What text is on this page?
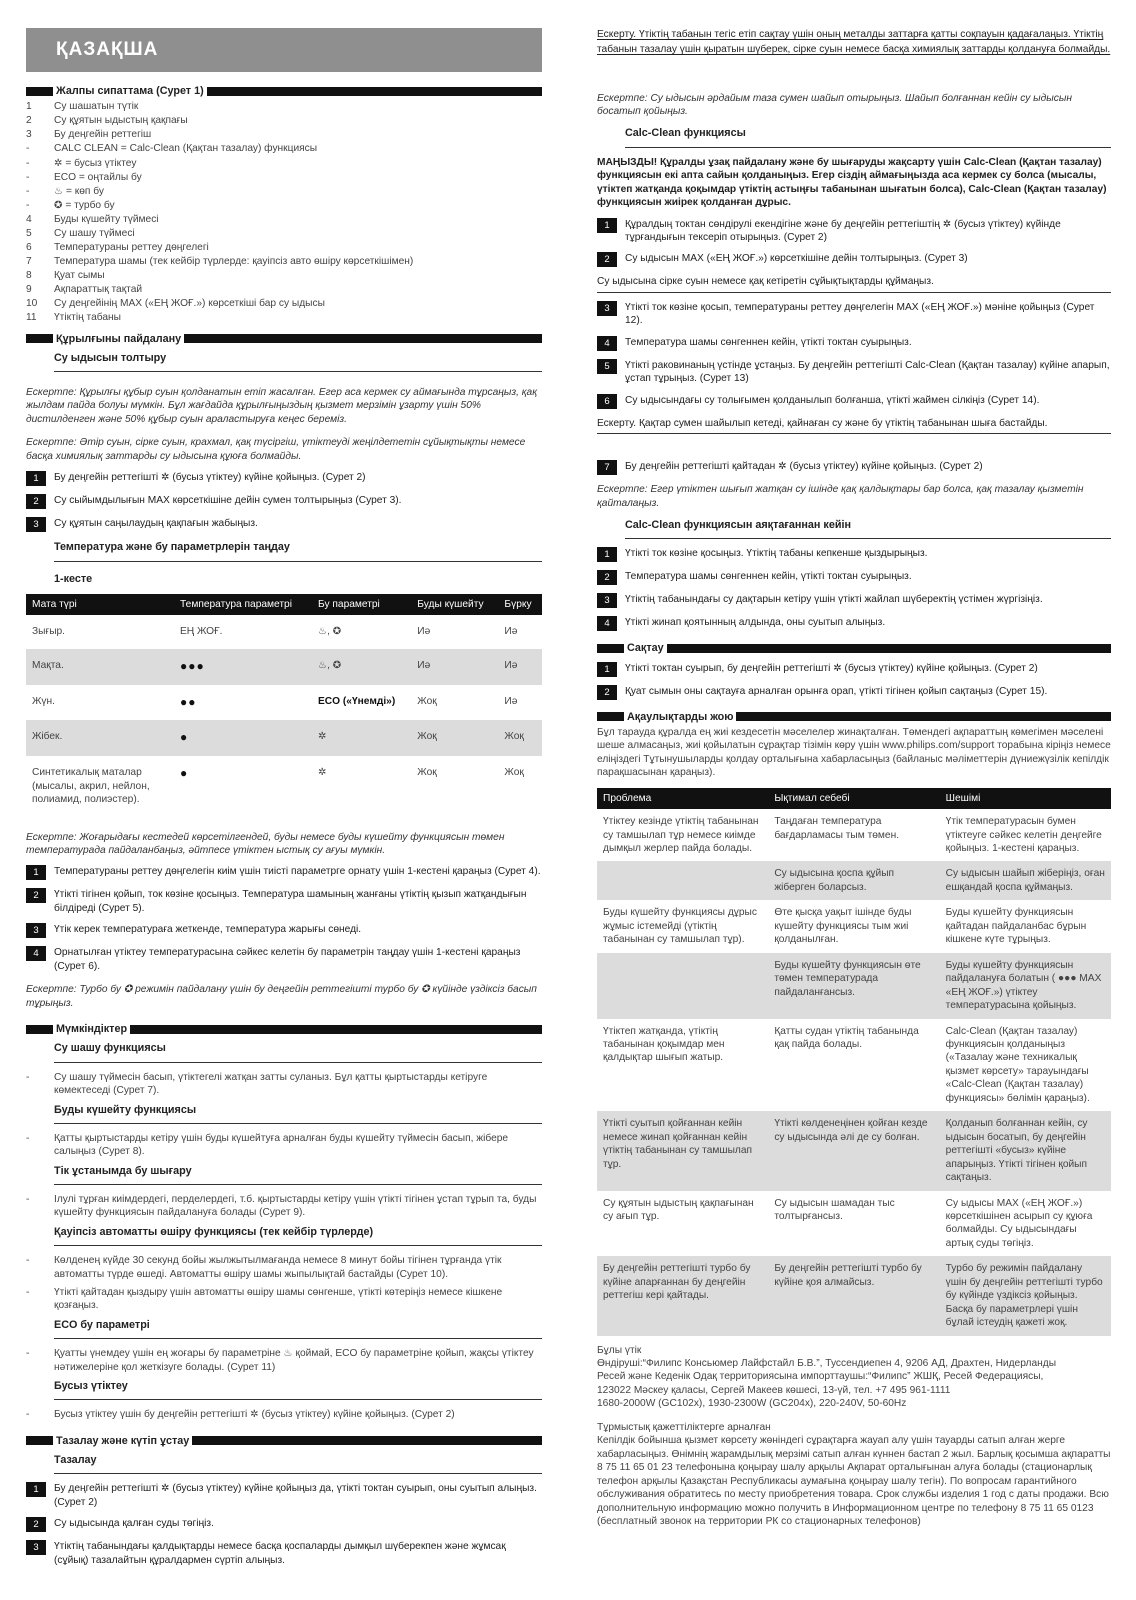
ҚАЗАҚША
Жалпы сипаттама (Сурет 1)
1	Су шашатын түтік
2	Су құятын ыдыстың қақпағы
3	Бу деңгейін реттегіш
-	CALC CLEAN = Calc-Clean (Қақтан тазалау) функциясы
-	✲ = бусыз үтіктеу
-	ECO = оңтайлы бу
-	♨ = көп бу
-	✪ = турбо бу
4	Буды күшейту түймесі
5	Су шашу түймесі
6	Температураны реттеу дөңгелегі
7	Температура шамы (тек кейбір түрлерде: қауіпсіз авто өшіру көрсеткішімен)
8	Қуат сымы
9	Ақпараттық тақтай
10	Су деңгейінің MAX («ЕҢ ЖОҒ.») көрсеткіші бар су ыдысы
11	Үтіктің табаны
Құрылғыны пайдалану
Су ыдысын толтыру
Ескертпе: Құрылғы құбыр суын қолданатын етіп жасалған. Егер аса кермек су аймағында тұрсаңыз, қақ жылдам пайда болуы мүмкін. Бұл жағдайда құрылғыңыздың қызмет мерзімін ұзарту үшін 50% дистилденген және 50% құбыр суын араластыруға кеңес береміз.
Ескертпе: Әтір суын, сірке суын, крахмал, қақ түсіргіш, үтіктеуді жеңілдететін сұйықтықты немесе басқа химиялық заттарды су ыдысына құюға болмайды.
1	Бу деңгейін реттегішті ✲ (бусыз үтіктеу) күйіне қойыңыз. (Сурет 2)
2	Су сыйымдылығын MAX көрсеткішіне дейін сумен толтырыңыз (Сурет 3).
3	Су құятын саңылаудың қақпағын жабыңыз.
Температура және бу параметрлерін таңдау
1-кесте
Мата түрі	Температура параметрі	Бу параметрі	Буды күшейту	Бүрку
Зығыр.	ЕҢ ЖОҒ.	♨, ✪	Иә	Иә
Мақта.	●●●	♨, ✪	Иә	Иә
Жүн.	●●	ECO («Үнемді»)	Жоқ	Иә
Жібек.	●	✲	Жоқ	Жоқ
Синтетикалық маталар (мысалы, акрил, нейлон, полиамид, полиэстер).	●	✲	Жоқ	Жоқ
Ескертпе: Жоғарыдағы кестедей көрсетілгендей, буды немесе буды күшейту функциясын төмен температурада пайдаланбаңыз, әйтпесе үтіктен ыстық су ағуы мүмкін.
1	Температураны реттеу дөңгелегін киім үшін тиісті параметрге орнату үшін 1-кестені қараңыз (Сурет 4).
2	Үтікті тігінен қойып, ток көзіне қосыңыз. Температура шамының жанғаны үтіктің қызып жатқандығын білдіреді (Сурет 5).
3	Үтік керек температураға жеткенде, температура жарығы сөнеді.
4	Орнатылған үтіктеу температурасына сәйкес келетін бу параметрін таңдау үшін 1-кестені қараңыз (Сурет 6).
Ескертпе: Турбо бу ✪ режимін пайдалану үшін бу деңгейін реттегішті турбо бу ✪ күйінде үздіксіз басып тұрыңыз.
Мүмкіндіктер
Су шашу функциясы
-	Су шашу түймесін басып, үтіктегелі жатқан затты суланыз. Бұл қатты қыртыстарды кетіруге көмектеседі (Сурет 7).
Буды күшейту функциясы
-	Қатты қыртыстарды кетіру үшін буды күшейтуға арналған буды күшейту түймесін басып, жіберe салыңыз (Сурет 8).
Тік ұстанымда бу шығару
-	Ілулі тұрған киімдердегі, перделердегі, т.б. қыртыстарды кетіру үшін үтікті тігінен ұстап тұрып та, буды күшейту функциясын пайдалануға болады (Сурет 9).
Қауіпсіз автоматты өшіру функциясы (тек кейбір түрлерде)
-	Көлденең күйде 30 секунд бойы жылжытылмағанда немесе 8 минут бойы тігінен тұрғанда үтік автоматты түрде өшеді. Автоматты өшіру шамы жыпылықтай бастайды (Сурет 10).
-	Үтікті қайтадан қыздыру үшін автоматты өшіру шамы сөнгенше, үтікті көтеріңіз немесе кішкене қозғаңыз.
ECO бу параметрі
-	Қуатты үнемдеу үшін ең жоғары бу параметріне ♨ қоймай, ECO бу параметріне қойып, жақсы үтіктеу нәтижелеріне қол жеткізуге болады. (Сурет 11)
Бусыз үтіктеу
-	Бусыз үтіктеу үшін бу деңгейін реттегішті ✲ (бусыз үтіктеу) күйіне қойыңыз. (Сурет 2)
Тазалау және күтіп ұстау
Тазалау
1	Бу деңгейін реттегішті ✲ (бусыз үтіктеу) күйіне қойыңыз да, үтікті токтан суырып, оны суытып алыңыз. (Сурет 2)
2	Су ыдысында қалған суды төгіңіз.
3	Үтіктің табанындағы қалдықтарды немесе басқа қоспаларды дымқыл шүберекпен және жұмсақ (сұйық) тазалайтын құралдармен сүртіп алыңыз.
Ескерту. Үтіктің табанын тегіс етіп сақтау үшін оның металды заттарға қатты соқпауын қадағалаңыз. Үтіктің табанын тазалау үшін қыратын шүберек, сірке суын немесе басқа химиялық заттарды қолдануға болмайды.
Ескертпе: Су ыдысын әрдайым таза сумен шайып отырыңыз. Шайып болғаннан кейін су ыдысын босатып қойыңыз.
Calc-Clean функциясы
МАҢЫЗДЫ! Құралды ұзақ пайдалану және бу шығаруды жақсарту үшін Calc-Clean (Қақтан тазалау) функциясын екі апта сайын қолданыңыз. Егер сіздің аймағыңызда аса кермек су болса (мысалы, үтіктеп жатқанда қоқымдар үтіктің астыңғы табанынан шығатын болса), Calc-Clean (Қақтан тазалау) функциясын жиірек қолданған дұрыс.
1	Құралдың токтан сөндірулі екендігіне және бу деңгейін реттегіштің ✲ (бусыз үтіктеу) күйінде тұрғандығын тексеріп отырыңыз. (Сурет 2)
2	Су ыдысын MAX («ЕҢ ЖОҒ.») көрсеткішіне дейін толтырыңыз. (Сурет 3)
Су ыдысына сірке суын немесе қақ кетіретін сұйықтықтарды құймаңыз.
3	Үтікті ток көзіне қосып, температураны реттеу дөңгелегін MAX («ЕҢ ЖОҒ.») мәніне қойыңыз (Сурет 12).
4	Температура шамы сөнгеннен кейін, үтікті токтан суырыңыз.
5	Үтікті раковинаның үстінде ұстаңыз. Бу деңгейін реттегішті Calc-Clean (Қақтан тазалау) күйіне апарып, ұстап тұрыңыз. (Сурет 13)
6	Су ыдысындағы су толығымен қолданылып болғанша, үтікті жаймен сілкіңіз (Сурет 14).
Ескерту. Қақтар сумен шайылып кетеді, қайнаған су және бу үтіктің табанынан шыға бастайды.
7	Бу деңгейін реттегішті қайтадан ✲ (бусыз үтіктеу) күйіне қойыңыз. (Сурет 2)
Ескертпе: Егер үтіктен шығып жатқан су ішінде қақ қалдықтары бар болса, қақ тазалау қызметін қайталаңыз.
Calc-Clean функциясын аяқтағаннан кейін
1	Үтікті ток көзіне қосыңыз. Үтіктің табаны кепкенше қыздырыңыз.
2	Температура шамы сөнгеннен кейін, үтікті токтан суырыңыз.
3	Үтіктің табанындағы су дақтарын кетіру үшін үтікті жайлап шүберектің үстімен жүргізіңіз.
4	Үтікті жинап қоятынның алдында, оны суытып алыңыз.
Сақтау
1	Үтікті токтан суырып, бу деңгейін реттегішті ✲ (бусыз үтіктеу) күйіне қойыңыз. (Сурет 2)
2	Қуат сымын оны сақтауға арналған орынға орап, үтікті тігінен қойып сақтаңыз (Сурет 15).
Ақаулықтарды жою
Бұл тарауда құралда ең жиі кездесетін мәселелер жинақталған. Төмендегі ақпараттың көмегімен мәселені шеше алмасаңыз, жиі қойылатын сұрақтар тізімін көру үшін www.philips.com/support торабына кіріңіз немесе еліңіздегі Тұтынушыларды қолдау орталығына хабарласыңыз (байланыс мәліметтерін дүниежүзілік кепілдік парақшасынан қараңыз).
Проблема	Ықтимал себебі	Шешімі
Үтіктеу кезінде үтіктің табанынан су тамшылап тұр немесе киімде дымқыл жерлер пайда болады.	Таңдаған температура бағдарламасы тым төмен.	Үтік температурасын бумен үтіктеуге сәйкес келетін деңгейге қойыңыз. 1-кестені қараңыз.
	Су ыдысына қоспа құйып жіберген боларсыз.	Су ыдысын шайып жіберіңіз, оған ешқандай қоспа құймаңыз.
Буды күшейту функциясы дұрыс жұмыс істемейді (үтіктің табанынан су тамшылап тұр).	Өте қысқа уақыт ішінде буды күшейту функциясы тым жиі қолданылған.	Буды күшейту функциясын қайтадан пайдаланбас бұрын кішкене күте тұрыңыз.
	Буды күшейту функциясын өте төмен температурада пайдаланғансыз.	Буды күшейту функциясын пайдалануға болатын ( ●●● MAX «ЕҢ ЖОҒ.») үтіктеу температурасына қойыңыз.
Үтіктеп жатқанда, үтіктің табанынан қоқымдар мен қалдықтар шығып жатыр.	Қатты судан үтіктің табанында қақ пайда болады.	Calc-Clean (Қақтан тазалау) функциясын қолданыңыз («Тазалау және техникалық қызмет көрсету» тарауындағы «Calc-Clean (Қақтан тазалау) функциясы» бөлімін қараңыз).
Үтікті суытып қойғаннан кейін немесе жинап қойғаннан кейін үтіктің табанынан су тамшылап тұр.	Үтікті көлденеңінен қойған кезде су ыдысында әлі де су болған.	Қолданып болғаннан кейін, су ыдысын босатып, бу деңгейін реттегішті «бусыз» күйіне апарыңыз. Үтікті тігінен қойып сақтаңыз.
Су құятын ыдыстың қақпағынан су ағып тұр.	Су ыдысын шамадан тыс толтырғансыз.	Су ыдысы MAX («ЕҢ ЖОҒ.») көрсеткішінен асырып су құюға болмайды. Су ыдысындағы артық суды төгіңіз.
Бу деңгейін реттегішті турбо бу күйіне апарғаннан бу деңгейін реттегіш кері қайтады.	Бу деңгейін реттегішті турбо бу күйіне қоя алмайсыз.	Турбо бу режимін пайдалану үшін бу деңгейін реттегішті турбо бу күйінде үздіксіз қойыңыз. Басқа бу параметрлері үшін бұлай істеудің қажеті жоқ.

Бұлы үтік

Өндіруші:“Филипс Консьюмер Лайфстайл Б.В.”, Туссендиепен 4, 9206 АД, Драхтен, Нидерланды

Ресей және Кеденік Одақ территориясына импорттаушы:“Филипс” ЖШҚ, Ресей Федерациясы,

123022 Мәскеу қаласы, Сергей Макеев көшесі, 13-үй, тел. +7 495 961-1111

1680-2000W (GC102x), 1930-2300W (GC204x), 220-240V, 50-60Hz

Тұрмыстық қажеттіліктерге арналған

Кепілдік бойынша қызмет көрсету жөніндегі сұрақтарға жауап алу үшін тауарды сатып алған жерге хабарласыңыз. Өнімнің жарамдылық мерзімі сатып алған күннен бастап 2 жыл. Барлық қосымша ақпаратты 8 75 11 65 01 23 телефонына қоңырау шалу арқылы Ақпарат орталығынан алуға болады (стационарлық телефон арқылы Қазақстан Республикасы аумағына қоңырау шалу тегін). По вопросам гарантийного обслуживания обратитесь по месту приобретения товара. Срок службы изделия 1 год с даты продажи. Всю дополнительную информацию можно получить в Информационном центре по телефону 8 75 11 65 0123 (бесплатный звонок на территории РК со стационарных телефонов)
